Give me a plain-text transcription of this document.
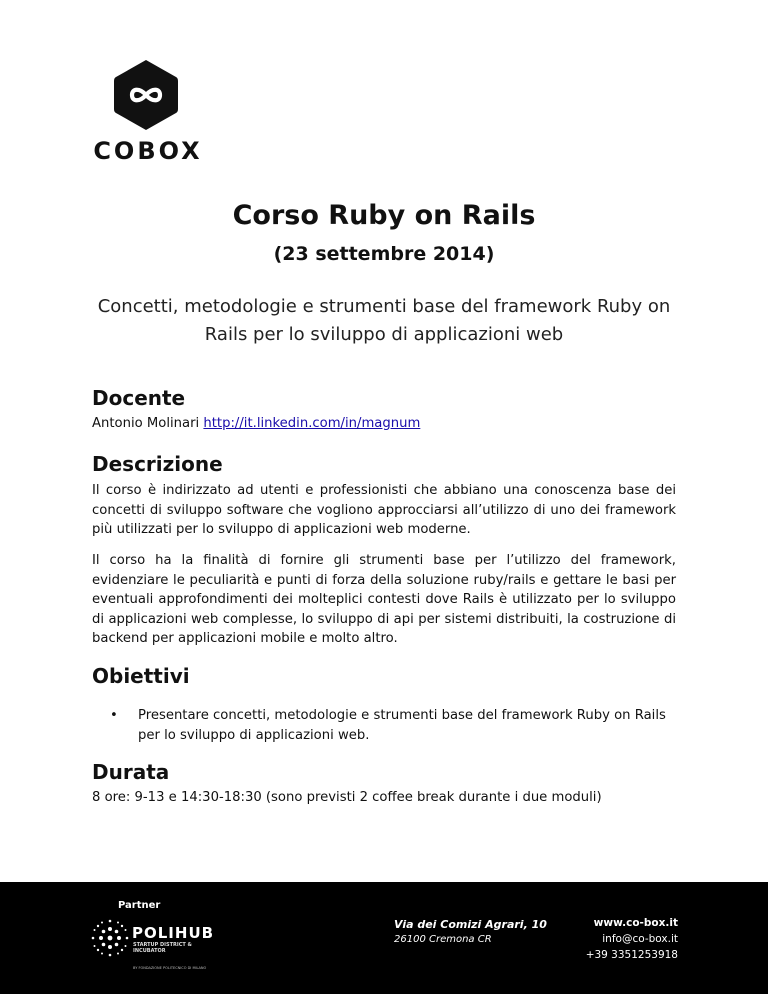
COBOX
Corso Ruby on Rails
(23 settembre 2014)
Concetti, metodologie e strumenti base del framework Ruby on Rails per lo sviluppo di applicazioni web
Docente
Antonio Molinari http://it.linkedin.com/in/magnum
Descrizione

Il corso è indirizzato ad utenti e professionisti che abbiano una conoscenza base dei concetti di sviluppo software che vogliono approcciarsi all’utilizzo di uno dei framework più utilizzati per lo sviluppo di applicazioni web moderne.

Il corso ha la finalità di fornire gli strumenti base per l’utilizzo del framework, evidenziare le peculiarità e punti di forza della soluzione ruby/rails e gettare le basi per eventuali approfondimenti dei molteplici contesti dove Rails è utilizzato per lo sviluppo di applicazioni web complesse, lo sviluppo di api per sistemi distribuiti, la costruzione di backend per applicazioni mobile e molto altro.

Obiettivi
• Presentare concetti, metodologie e strumenti base del framework Ruby on Rails per lo sviluppo di applicazioni web.
Durata
8 ore: 9-13 e 14:30-18:30 (sono previsti 2 coffee break durante i due moduli)
Partner
POLIHUB
STARTUP DISTRICT & INCUBATOR
BY FONDAZIONE POLITECNICO DI MILANO
Via dei Comizi Agrari, 10
26100 Cremona CR
www.co-box.it
info@co-box.it
+39 3351253918
